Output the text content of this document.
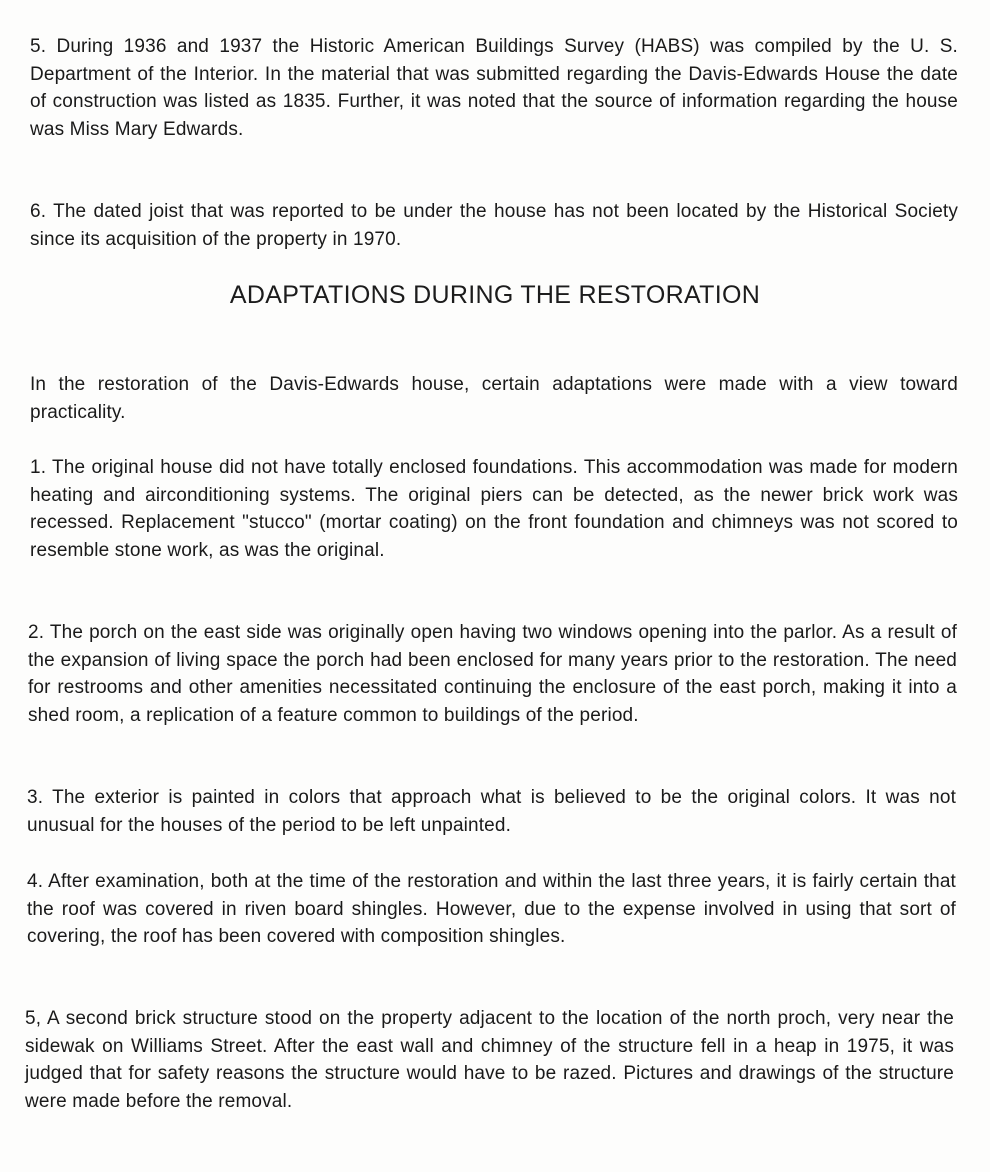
5. During 1936 and 1937 the Historic American Buildings Survey (HABS) was compiled by the U. S. Department of the Interior. In the material that was submitted regarding the Davis-Edwards House the date of construction was listed as 1835. Further, it was noted that the source of information regarding the house was Miss Mary Edwards.

6. The dated joist that was reported to be under the house has not been located by the Historical Society since its acquisition of the property in 1970.

ADAPTATIONS DURING THE RESTORATION

In the restoration of the Davis-Edwards house, certain adaptations were made with a view toward practicality.

1. The original house did not have totally enclosed foundations. This accommodation was made for modern heating and airconditioning systems. The original piers can be detected, as the newer brick work was recessed. Replacement "stucco" (mortar coating) on the front foundation and chimneys was not scored to resemble stone work, as was the original.

2. The porch on the east side was originally open having two windows opening into the parlor. As a result of the expansion of living space the porch had been enclosed for many years prior to the restoration. The need for restrooms and other amenities necessitated continuing the enclosure of the east porch, making it into a shed room, a replication of a feature common to buildings of the period.

3. The exterior is painted in colors that approach what is believed to be the original colors. It was not unusual for the houses of the period to be left unpainted.

4. After examination, both at the time of the restoration and within the last three years, it is fairly certain that the roof was covered in riven board shingles. However, due to the expense involved in using that sort of covering, the roof has been covered with composition shingles.

5, A second brick structure stood on the property adjacent to the location of the north proch, very near the sidewak on Williams Street. After the east wall and chimney of the structure fell in a heap in 1975, it was judged that for safety reasons the structure would have to be razed. Pictures and drawings of the structure were made before the removal.
